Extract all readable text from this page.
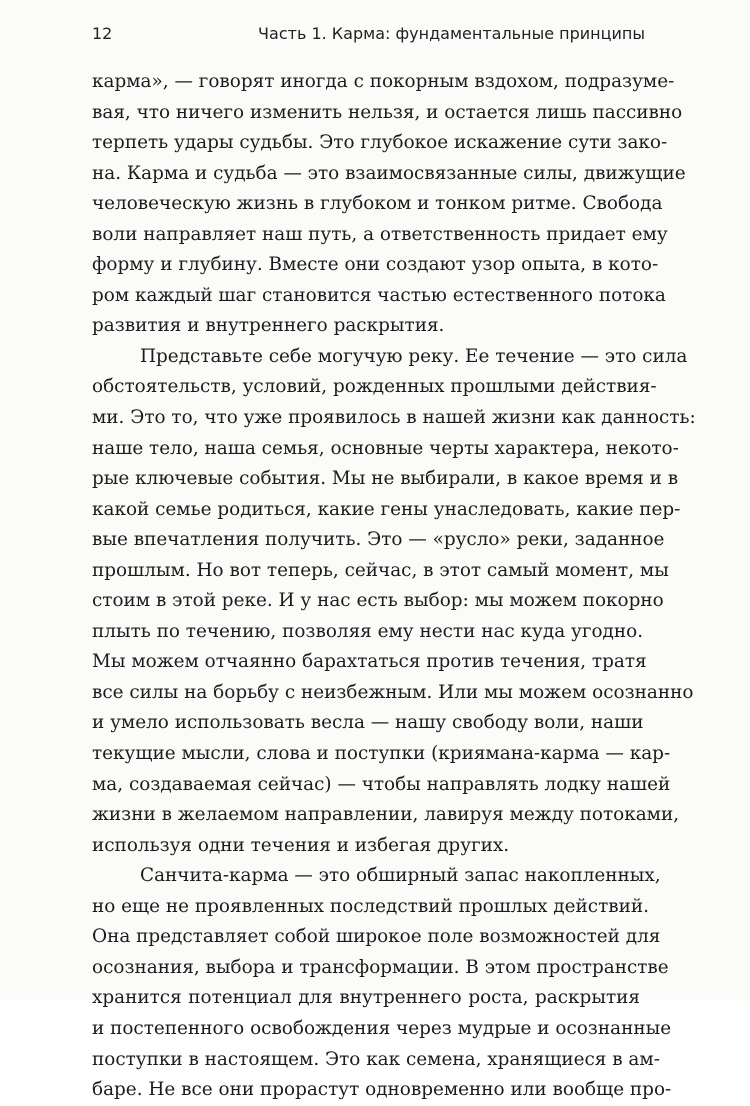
12	Часть 1. Карма: фундаментальные принципы
карма», — говорят иногда с покорным вздохом, подразуме-
вая, что ничего изменить нельзя, и остается лишь пассивно
терпеть удары судьбы. Это глубокое искажение сути зако-
на. Карма и судьба — это взаимосвязанные силы, движущие
человеческую жизнь в глубоком и тонком ритме. Свобода
воли направляет наш путь, а ответственность придает ему
форму и глубину. Вместе они создают узор опыта, в кото-
ром каждый шаг становится частью естественного потока
развития и внутреннего раскрытия.
Представьте себе могучую реку. Ее течение — это сила
обстоятельств, условий, рожденных прошлыми действия-
ми. Это то, что уже проявилось в нашей жизни как данность:
наше тело, наша семья, основные черты характера, некото-
рые ключевые события. Мы не выбирали, в какое время и в
какой семье родиться, какие гены унаследовать, какие пер-
вые впечатления получить. Это — «русло» реки, заданное
прошлым. Но вот теперь, сейчас, в этот самый момент, мы
стоим в этой реке. И у нас есть выбор: мы можем покорно
плыть по течению, позволяя ему нести нас куда угодно.
Мы можем отчаянно барахтаться против течения, тратя
все силы на борьбу с неизбежным. Или мы можем осознанно
и умело использовать весла — нашу свободу воли, наши
текущие мысли, слова и поступки (криямана-карма — кар-
ма, создаваемая сейчас) — чтобы направлять лодку нашей
жизни в желаемом направлении, лавируя между потоками,
используя одни течения и избегая других.
Санчита-карма — это обширный запас накопленных,
но еще не проявленных последствий прошлых действий.
Она представляет собой широкое поле возможностей для
осознания, выбора и трансформации. В этом пространстве
хранится потенциал для внутреннего роста, раскрытия
и постепенного освобождения через мудрые и осознанные
поступки в настоящем. Это как семена, хранящиеся в ам-
баре. Не все они прорастут одновременно или вообще про-
